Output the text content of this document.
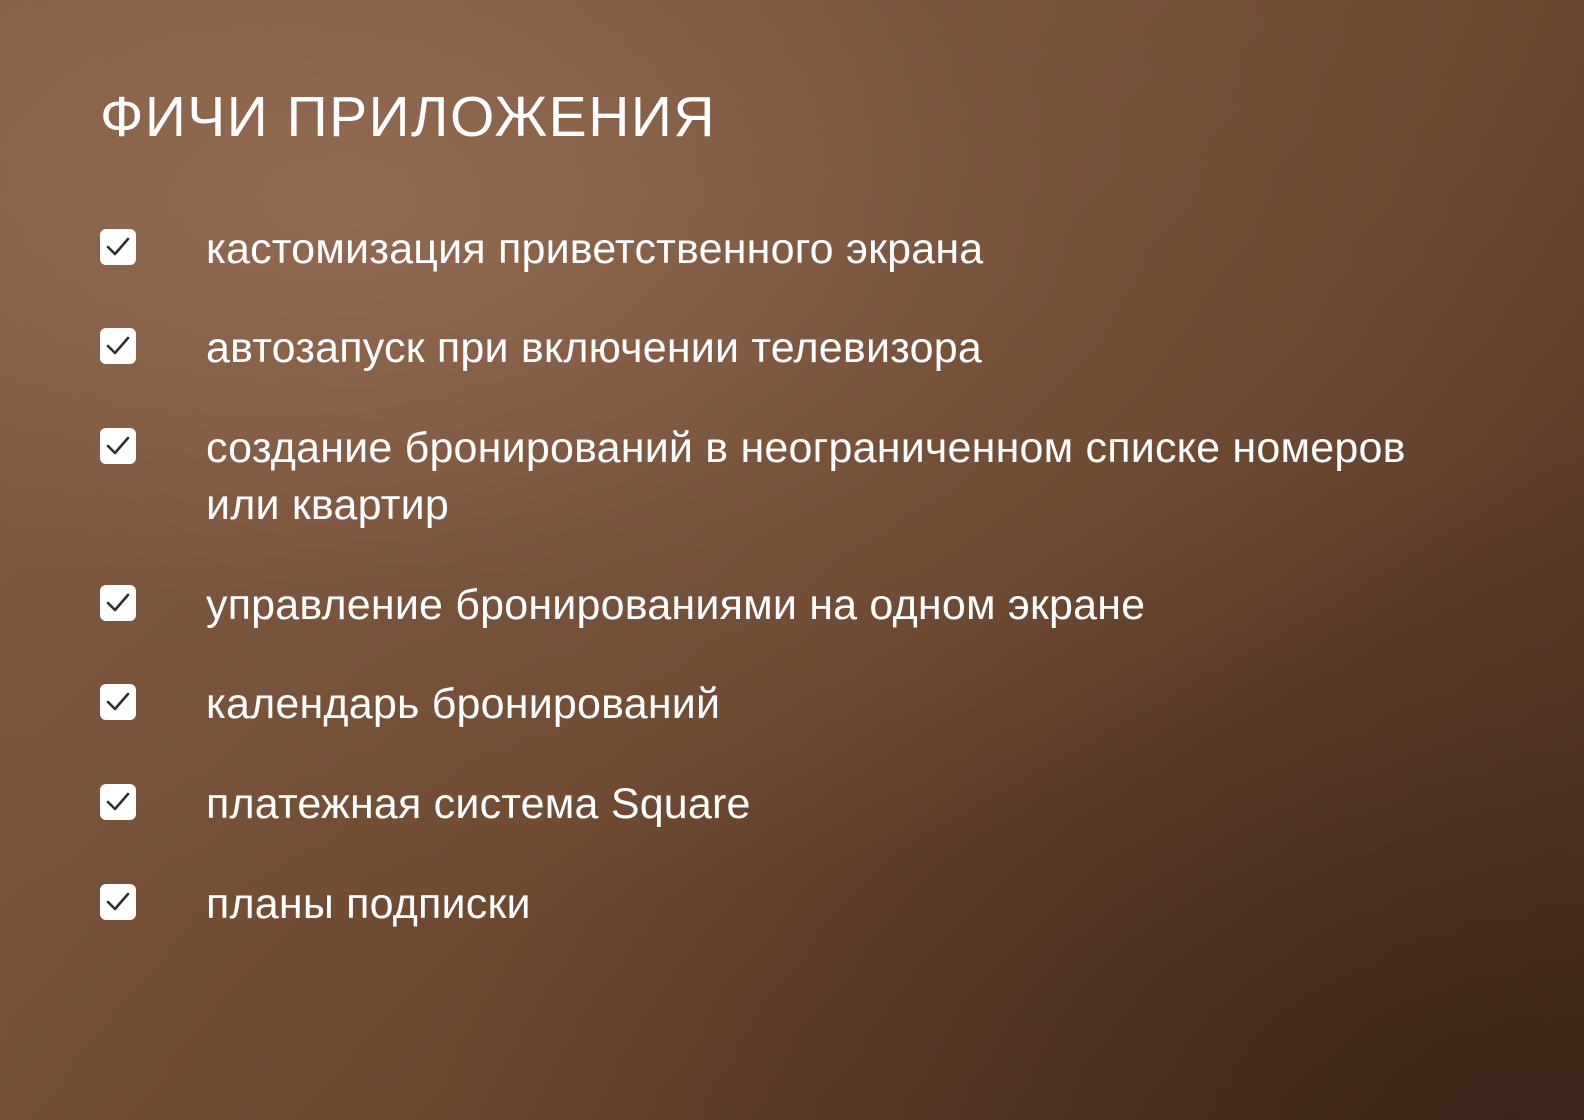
ФИЧИ ПРИЛОЖЕНИЯ
кастомизация приветственного экрана
автозапуск при включении телевизора
создание бронирований в неограниченном списке номеров или квартир
управление бронированиями на одном экране
календарь бронирований
платежная система Square
планы подписки
